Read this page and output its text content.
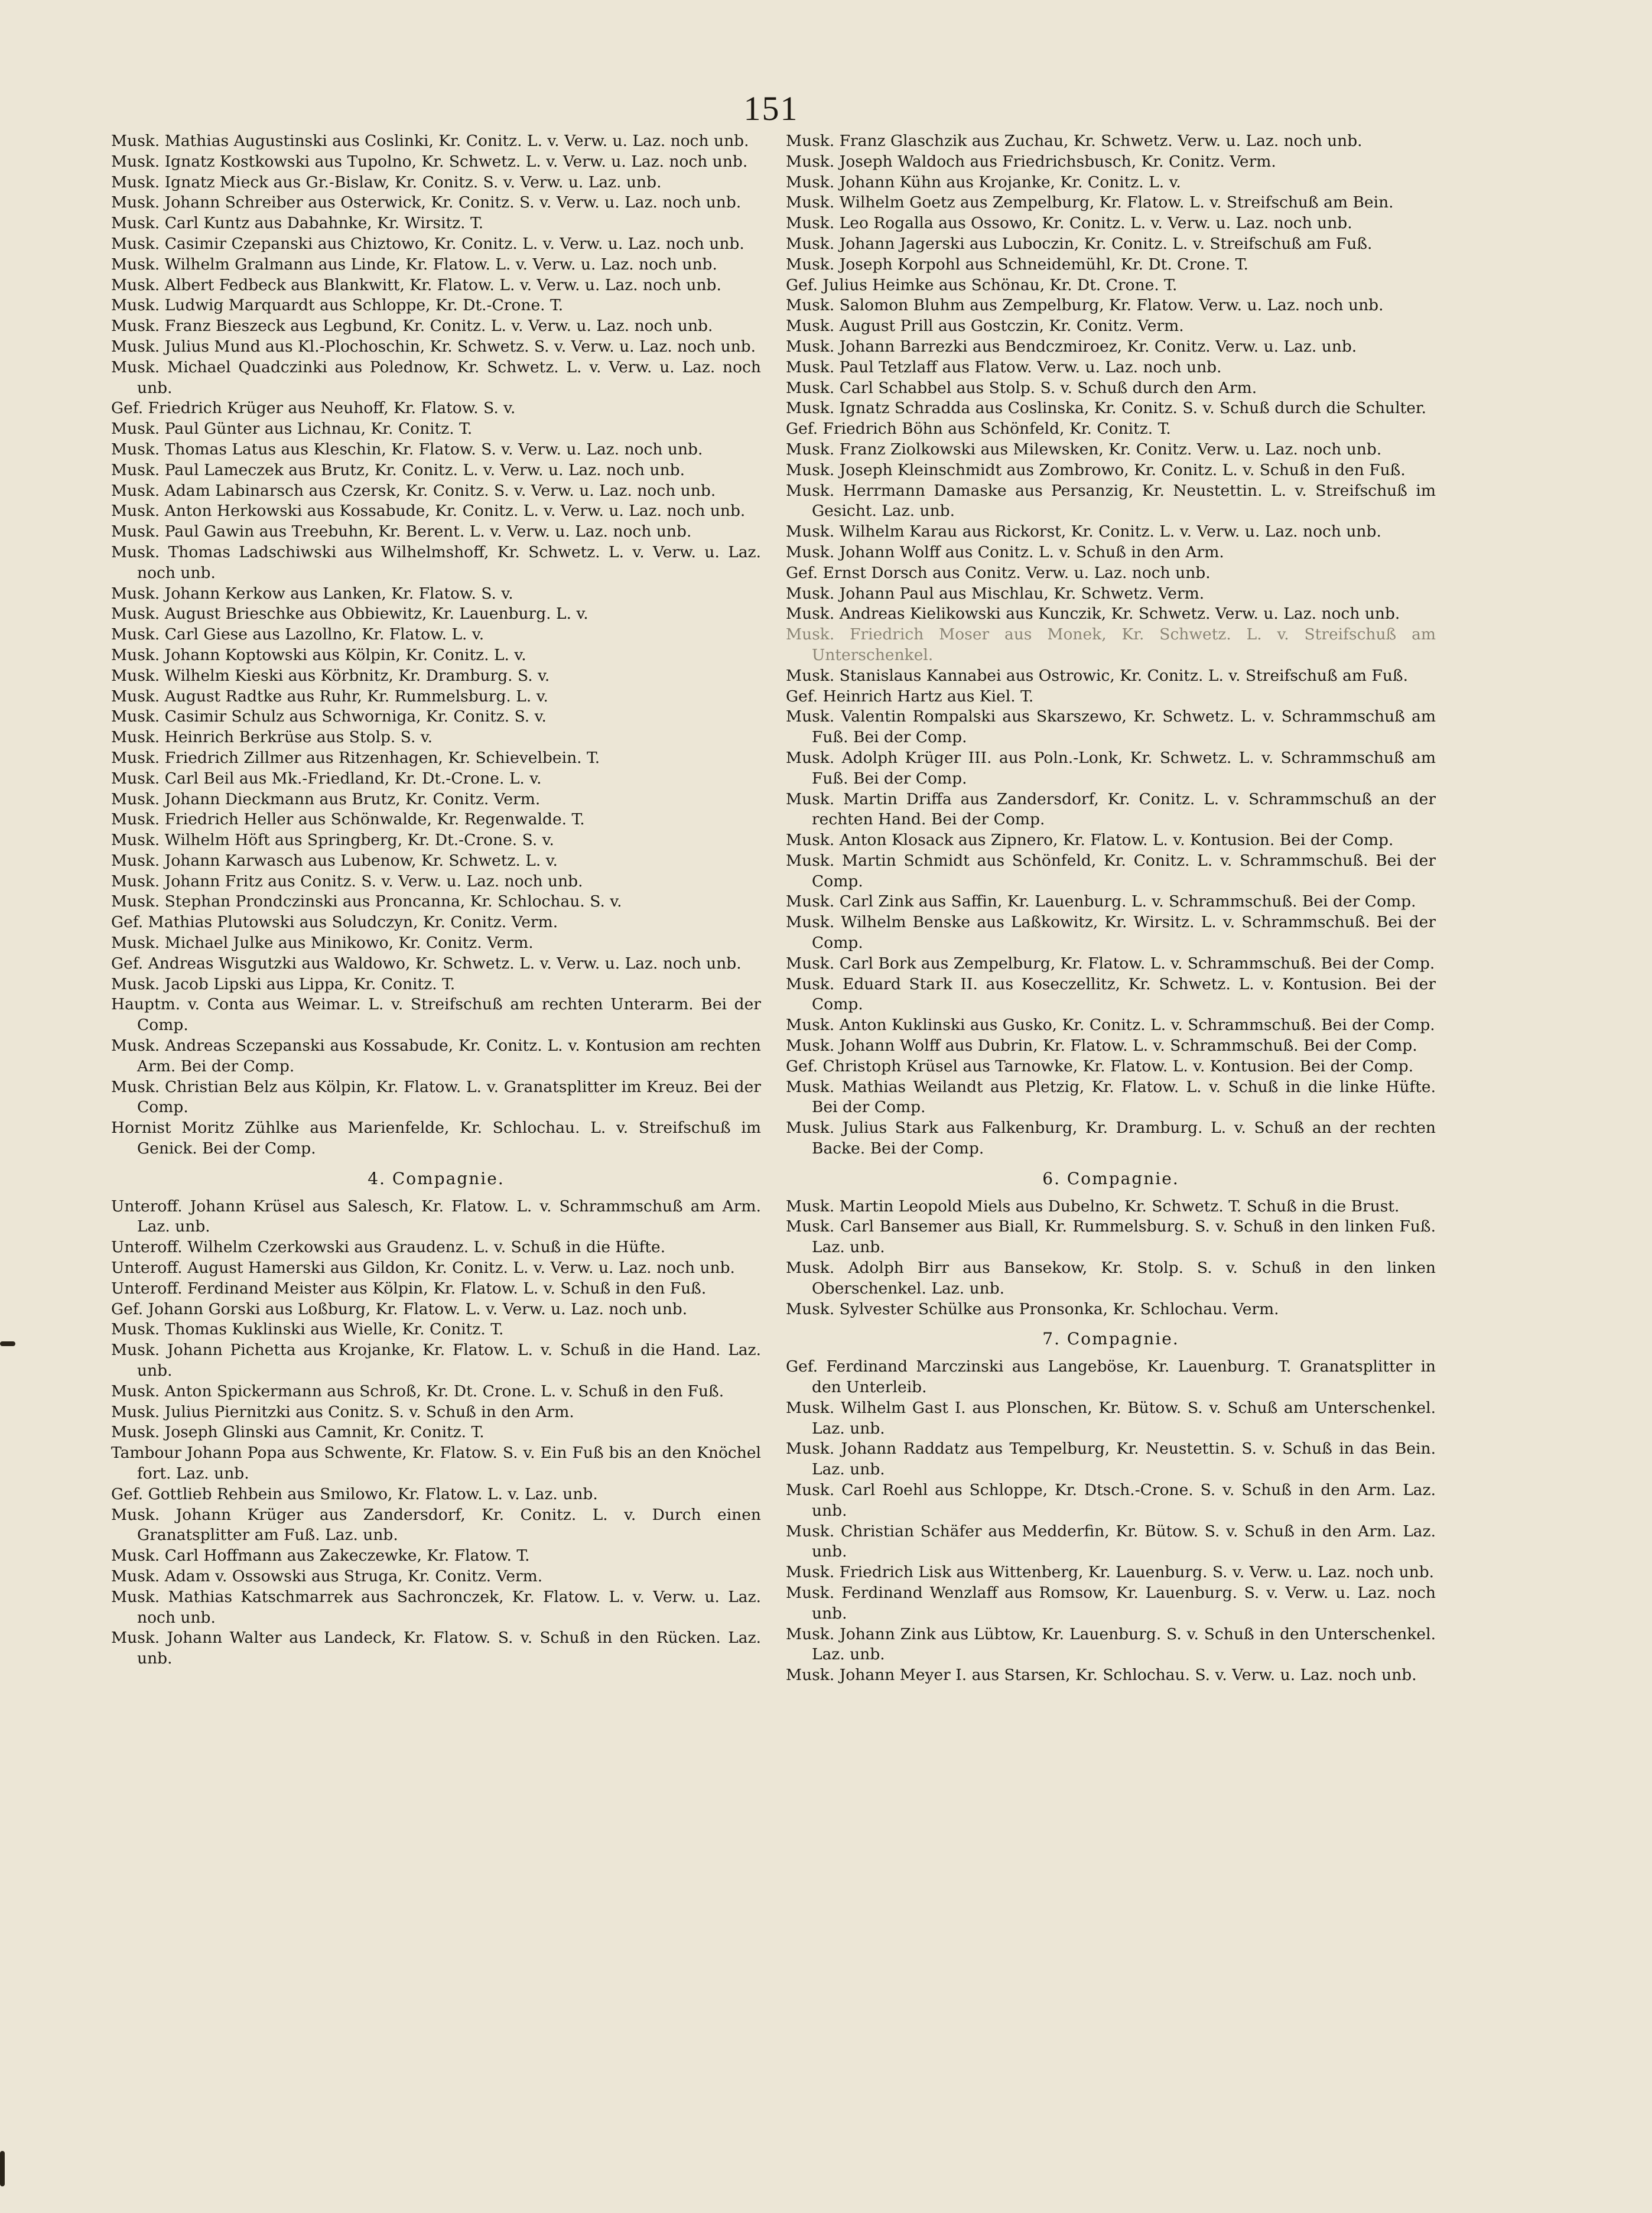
151
Musk. Mathias Augustinski aus Coslinki, Kr. Conitz. L. v. Verw. u. Laz. noch unb.
Musk. Ignatz Kostkowski aus Tupolno, Kr. Schwetz. L. v. Verw. u. Laz. noch unb.
Musk. Ignatz Mieck aus Gr.-Bislaw, Kr. Conitz. S. v. Verw. u. Laz. unb.
Musk. Johann Schreiber aus Osterwick, Kr. Conitz. S. v. Verw. u. Laz. noch unb.
Musk. Carl Kuntz aus Dabahnke, Kr. Wirsitz. T.
Musk. Casimir Czepanski aus Chiztowo, Kr. Conitz. L. v. Verw. u. Laz. noch unb.
Musk. Wilhelm Gralmann aus Linde, Kr. Flatow. L. v. Verw. u. Laz. noch unb.
Musk. Albert Fedbeck aus Blankwitt, Kr. Flatow. L. v. Verw. u. Laz. noch unb.
Musk. Ludwig Marquardt aus Schloppe, Kr. Dt.-Crone. T.
Musk. Franz Bieszeck aus Legbund, Kr. Conitz. L. v. Verw. u. Laz. noch unb.
Musk. Julius Mund aus Kl.-Plochoschin, Kr. Schwetz. S. v. Verw. u. Laz. noch unb.
Musk. Michael Quadczinki aus Polednow, Kr. Schwetz. L. v. Verw. u. Laz. noch unb.
Gef. Friedrich Krüger aus Neuhoff, Kr. Flatow. S. v.
Musk. Paul Günter aus Lichnau, Kr. Conitz. T.
Musk. Thomas Latus aus Kleschin, Kr. Flatow. S. v. Verw. u. Laz. noch unb.
Musk. Paul Lameczek aus Brutz, Kr. Conitz. L. v. Verw. u. Laz. noch unb.
Musk. Adam Labinarsch aus Czersk, Kr. Conitz. S. v. Verw. u. Laz. noch unb.
Musk. Anton Herkowski aus Kossabude, Kr. Conitz. L. v. Verw. u. Laz. noch unb.
Musk. Paul Gawin aus Treebuhn, Kr. Berent. L. v. Verw. u. Laz. noch unb.
Musk. Thomas Ladschiwski aus Wilhelmshoff, Kr. Schwetz. L. v. Verw. u. Laz. noch unb.
Musk. Johann Kerkow aus Lanken, Kr. Flatow. S. v.
Musk. August Brieschke aus Obbiewitz, Kr. Lauenburg. L. v.
Musk. Carl Giese aus Lazollno, Kr. Flatow. L. v.
Musk. Johann Koptowski aus Kölpin, Kr. Conitz. L. v.
Musk. Wilhelm Kieski aus Körbnitz, Kr. Dramburg. S. v.
Musk. August Radtke aus Ruhr, Kr. Rummelsburg. L. v.
Musk. Casimir Schulz aus Schworniga, Kr. Conitz. S. v.
Musk. Heinrich Berkrüse aus Stolp. S. v.
Musk. Friedrich Zillmer aus Ritzenhagen, Kr. Schievelbein. T.
Musk. Carl Beil aus Mk.-Friedland, Kr. Dt.-Crone. L. v.
Musk. Johann Dieckmann aus Brutz, Kr. Conitz. Verm.
Musk. Friedrich Heller aus Schönwalde, Kr. Regenwalde. T.
Musk. Wilhelm Höft aus Springberg, Kr. Dt.-Crone. S. v.
Musk. Johann Karwasch aus Lubenow, Kr. Schwetz. L. v.
Musk. Johann Fritz aus Conitz. S. v. Verw. u. Laz. noch unb.
Musk. Stephan Prondczinski aus Proncanna, Kr. Schlochau. S. v.
Gef. Mathias Plutowski aus Soludczyn, Kr. Conitz. Verm.
Musk. Michael Julke aus Minikowo, Kr. Conitz. Verm.
Gef. Andreas Wisgutzki aus Waldowo, Kr. Schwetz. L. v. Verw. u. Laz. noch unb.
Musk. Jacob Lipski aus Lippa, Kr. Conitz. T.
Hauptm. v. Conta aus Weimar. L. v. Streifschuß am rechten Unterarm. Bei der Comp.
Musk. Andreas Sczepanski aus Kossabude, Kr. Conitz. L. v. Kontusion am rechten Arm. Bei der Comp.
Musk. Christian Belz aus Kölpin, Kr. Flatow. L. v. Granatsplitter im Kreuz. Bei der Comp.
Hornist Moritz Zühlke aus Marienfelde, Kr. Schlochau. L. v. Streifschuß im Genick. Bei der Comp.
4. Compagnie.
Unteroff. Johann Krüsel aus Salesch, Kr. Flatow. L. v. Schrammschuß am Arm. Laz. unb.
Unteroff. Wilhelm Czerkowski aus Graudenz. L. v. Schuß in die Hüfte.
Unteroff. August Hamerski aus Gildon, Kr. Conitz. L. v. Verw. u. Laz. noch unb.
Unteroff. Ferdinand Meister aus Kölpin, Kr. Flatow. L. v. Schuß in den Fuß.
Gef. Johann Gorski aus Loßburg, Kr. Flatow. L. v. Verw. u. Laz. noch unb.
Musk. Thomas Kuklinski aus Wielle, Kr. Conitz. T.
Musk. Johann Pichetta aus Krojanke, Kr. Flatow. L. v. Schuß in die Hand. Laz. unb.
Musk. Anton Spickermann aus Schroß, Kr. Dt. Crone. L. v. Schuß in den Fuß.
Musk. Julius Piernitzki aus Conitz. S. v. Schuß in den Arm.
Musk. Joseph Glinski aus Camnit, Kr. Conitz. T.
Tambour Johann Popa aus Schwente, Kr. Flatow. S. v. Ein Fuß bis an den Knöchel fort. Laz. unb.
Gef. Gottlieb Rehbein aus Smilowo, Kr. Flatow. L. v. Laz. unb.
Musk. Johann Krüger aus Zandersdorf, Kr. Conitz. L. v. Durch einen Granatsplitter am Fuß. Laz. unb.
Musk. Carl Hoffmann aus Zakeczewke, Kr. Flatow. T.
Musk. Adam v. Ossowski aus Struga, Kr. Conitz. Verm.
Musk. Mathias Katschmarrek aus Sachronczek, Kr. Flatow. L. v. Verw. u. Laz. noch unb.
Musk. Johann Walter aus Landeck, Kr. Flatow. S. v. Schuß in den Rücken. Laz. unb.
Musk. Franz Glaschzik aus Zuchau, Kr. Schwetz. Verw. u. Laz. noch unb.
Musk. Joseph Waldoch aus Friedrichsbusch, Kr. Conitz. Verm.
Musk. Johann Kühn aus Krojanke, Kr. Conitz. L. v.
Musk. Wilhelm Goetz aus Zempelburg, Kr. Flatow. L. v. Streifschuß am Bein.
Musk. Leo Rogalla aus Ossowo, Kr. Conitz. L. v. Verw. u. Laz. noch unb.
Musk. Johann Jagerski aus Luboczin, Kr. Conitz. L. v. Streifschuß am Fuß.
Musk. Joseph Korpohl aus Schneidemühl, Kr. Dt. Crone. T.
Gef. Julius Heimke aus Schönau, Kr. Dt. Crone. T.
Musk. Salomon Bluhm aus Zempelburg, Kr. Flatow. Verw. u. Laz. noch unb.
Musk. August Prill aus Gostczin, Kr. Conitz. Verm.
Musk. Johann Barrezki aus Bendczmiroez, Kr. Conitz. Verw. u. Laz. unb.
Musk. Paul Tetzlaff aus Flatow. Verw. u. Laz. noch unb.
Musk. Carl Schabbel aus Stolp. S. v. Schuß durch den Arm.
Musk. Ignatz Schradda aus Coslinska, Kr. Conitz. S. v. Schuß durch die Schulter.
Gef. Friedrich Böhn aus Schönfeld, Kr. Conitz. T.
Musk. Franz Ziolkowski aus Milewsken, Kr. Conitz. Verw. u. Laz. noch unb.
Musk. Joseph Kleinschmidt aus Zombrowo, Kr. Conitz. L. v. Schuß in den Fuß.
Musk. Herrmann Damaske aus Persanzig, Kr. Neustettin. L. v. Streifschuß im Gesicht. Laz. unb.
Musk. Wilhelm Karau aus Rickorst, Kr. Conitz. L. v. Verw. u. Laz. noch unb.
Musk. Johann Wolff aus Conitz. L. v. Schuß in den Arm.
Gef. Ernst Dorsch aus Conitz. Verw. u. Laz. noch unb.
Musk. Johann Paul aus Mischlau, Kr. Schwetz. Verm.
Musk. Andreas Kielikowski aus Kunczik, Kr. Schwetz. Verw. u. Laz. noch unb.
Musk. Friedrich Moser aus Monek, Kr. Schwetz. L. v. Streifschuß am Unterschenkel.
Musk. Stanislaus Kannabei aus Ostrowic, Kr. Conitz. L. v. Streifschuß am Fuß.
Gef. Heinrich Hartz aus Kiel. T.
Musk. Valentin Rompalski aus Skarszewo, Kr. Schwetz. L. v. Schrammschuß am Fuß. Bei der Comp.
Musk. Adolph Krüger III. aus Poln.-Lonk, Kr. Schwetz. L. v. Schrammschuß am Fuß. Bei der Comp.
Musk. Martin Driffa aus Zandersdorf, Kr. Conitz. L. v. Schrammschuß an der rechten Hand. Bei der Comp.
Musk. Anton Klosack aus Zipnero, Kr. Flatow. L. v. Kontusion. Bei der Comp.
Musk. Martin Schmidt aus Schönfeld, Kr. Conitz. L. v. Schrammschuß. Bei der Comp.
Musk. Carl Zink aus Saffin, Kr. Lauenburg. L. v. Schrammschuß. Bei der Comp.
Musk. Wilhelm Benske aus Laßkowitz, Kr. Wirsitz. L. v. Schrammschuß. Bei der Comp.
Musk. Carl Bork aus Zempelburg, Kr. Flatow. L. v. Schrammschuß. Bei der Comp.
Musk. Eduard Stark II. aus Koseczellitz, Kr. Schwetz. L. v. Kontusion. Bei der Comp.
Musk. Anton Kuklinski aus Gusko, Kr. Conitz. L. v. Schrammschuß. Bei der Comp.
Musk. Johann Wolff aus Dubrin, Kr. Flatow. L. v. Schrammschuß. Bei der Comp.
Gef. Christoph Krüsel aus Tarnowke, Kr. Flatow. L. v. Kontusion. Bei der Comp.
Musk. Mathias Weilandt aus Pletzig, Kr. Flatow. L. v. Schuß in die linke Hüfte. Bei der Comp.
Musk. Julius Stark aus Falkenburg, Kr. Dramburg. L. v. Schuß an der rechten Backe. Bei der Comp.
6. Compagnie.
Musk. Martin Leopold Miels aus Dubelno, Kr. Schwetz. T. Schuß in die Brust.
Musk. Carl Bansemer aus Biall, Kr. Rummelsburg. S. v. Schuß in den linken Fuß. Laz. unb.
Musk. Adolph Birr aus Bansekow, Kr. Stolp. S. v. Schuß in den linken Oberschenkel. Laz. unb.
Musk. Sylvester Schülke aus Pronsonka, Kr. Schlochau. Verm.
7. Compagnie.
Gef. Ferdinand Marczinski aus Langeböse, Kr. Lauenburg. T. Granatsplitter in den Unterleib.
Musk. Wilhelm Gast I. aus Plonschen, Kr. Bütow. S. v. Schuß am Unterschenkel. Laz. unb.
Musk. Johann Raddatz aus Tempelburg, Kr. Neustettin. S. v. Schuß in das Bein. Laz. unb.
Musk. Carl Roehl aus Schloppe, Kr. Dtsch.-Crone. S. v. Schuß in den Arm. Laz. unb.
Musk. Christian Schäfer aus Medderfin, Kr. Bütow. S. v. Schuß in den Arm. Laz. unb.
Musk. Friedrich Lisk aus Wittenberg, Kr. Lauenburg. S. v. Verw. u. Laz. noch unb.
Musk. Ferdinand Wenzlaff aus Romsow, Kr. Lauenburg. S. v. Verw. u. Laz. noch unb.
Musk. Johann Zink aus Lübtow, Kr. Lauenburg. S. v. Schuß in den Unterschenkel. Laz. unb.
Musk. Johann Meyer I. aus Starsen, Kr. Schlochau. S. v. Verw. u. Laz. noch unb.
